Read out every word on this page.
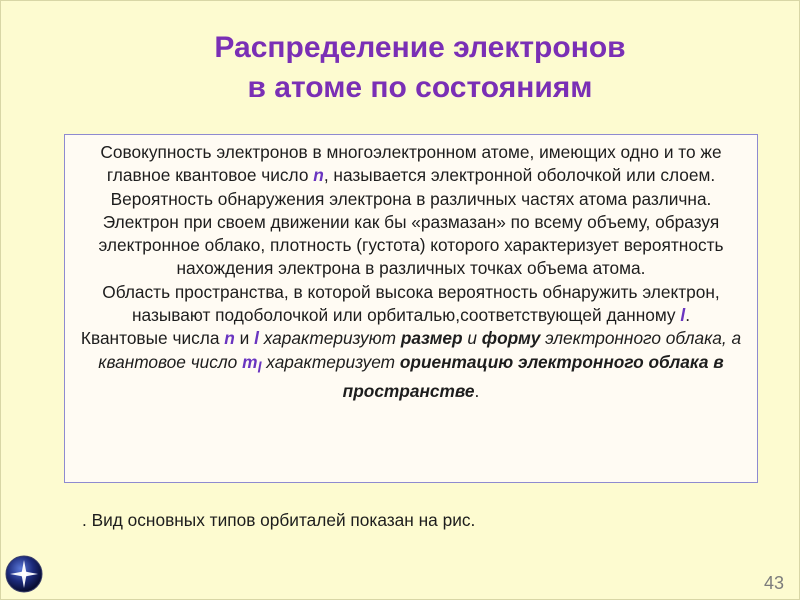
Распределение электронов
в атоме по состояниям

Совокупность электронов в многоэлектронном атоме, имеющих одно и то же главное квантовое число n, называется электронной оболочкой или слоем.

Вероятность обнаружения электрона в различных частях атома различна. Электрон при своем движении как бы «размазан» по всему объему, образуя электронное облако, плотность (густота) которого характеризует вероятность нахождения электрона в различных точках объема атома.

Область пространства, в которой высока вероятность обнаружить электрон, называют подоболочкой или орбиталью,соответствующей данному l.

Квантовые числа n и l характеризуют размер и форму электронного облака, а квантовое число $m_l$ характеризует ориентацию электронного облака в пространстве.

. Вид основных типов орбиталей показан на рис.
43
